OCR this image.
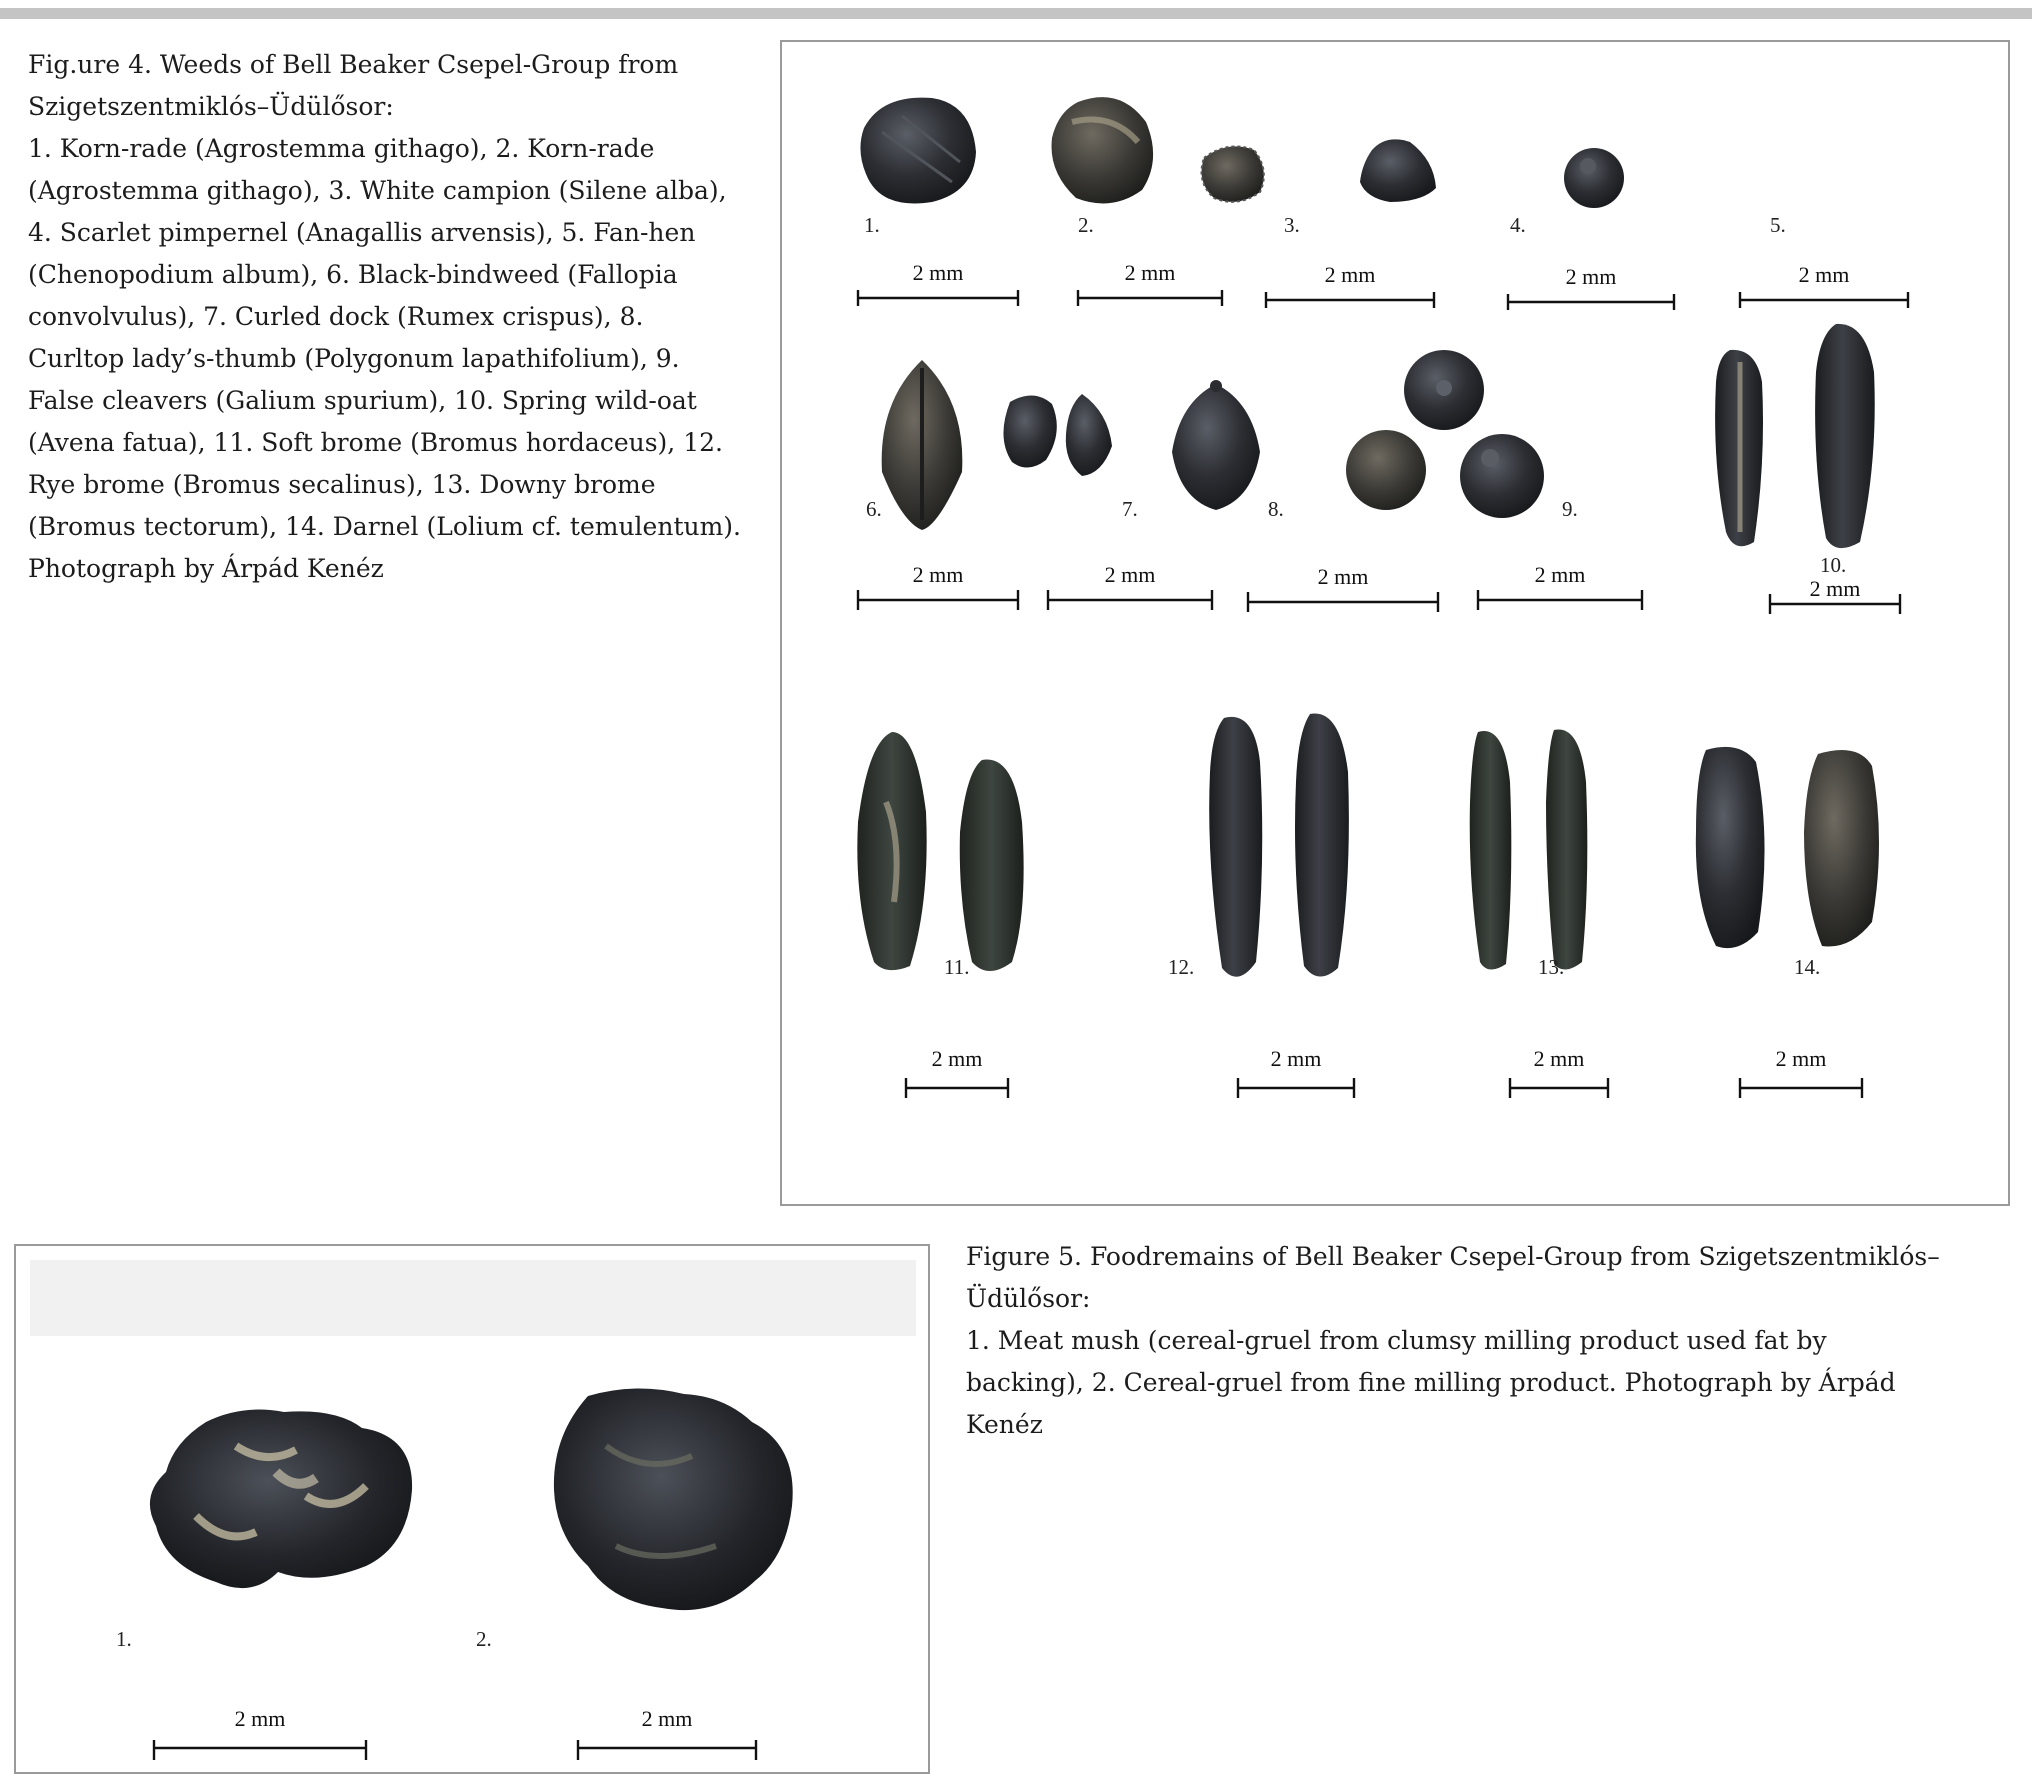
Fig.ure 4. Weeds of Bell Beaker Csepel-Group from Szigetszentmiklós–Üdülősor:

1. Korn-rade (Agrostemma githago), 2. Korn-rade (Agrostemma githago), 3. White campion (Silene alba), 4. Scarlet pimpernel (Anagallis arvensis), 5. Fan-hen (Chenopodium album), 6. Black-bindweed (Fallopia convolvulus), 7. Curled dock (Rumex crispus), 8. Curltop lady’s-thumb (Polygonum lapathifolium), 9. False cleavers (Galium spurium), 10. Spring wild-oat (Avena fatua), 11. Soft brome (Bromus hordaceus), 12. Rye brome (Bromus secalinus), 13. Downy brome (Bromus tectorum), 14. Darnel (Lolium cf. temulentum). Photograph by Árpád Kenéz

1.	2.	3.	4.	5.
6.	7.	8.	9.
10.
11.	12.	13.	14.
2 mm	2 mm	2 mm	2 mm	2 mm
2 mm	2 mm	2 mm	2 mm
2 mm
2 mm	2 mm	2 mm	2 mm
1.	2.
2 mm	2 mm

Figure 5. Foodremains of Bell Beaker Csepel-Group from Szigetszentmiklós–Üdülősor:

1. Meat mush (cereal-gruel from clumsy milling product used fat by backing), 2. Cereal-gruel from fine milling product. Photograph by Árpád Kenéz
